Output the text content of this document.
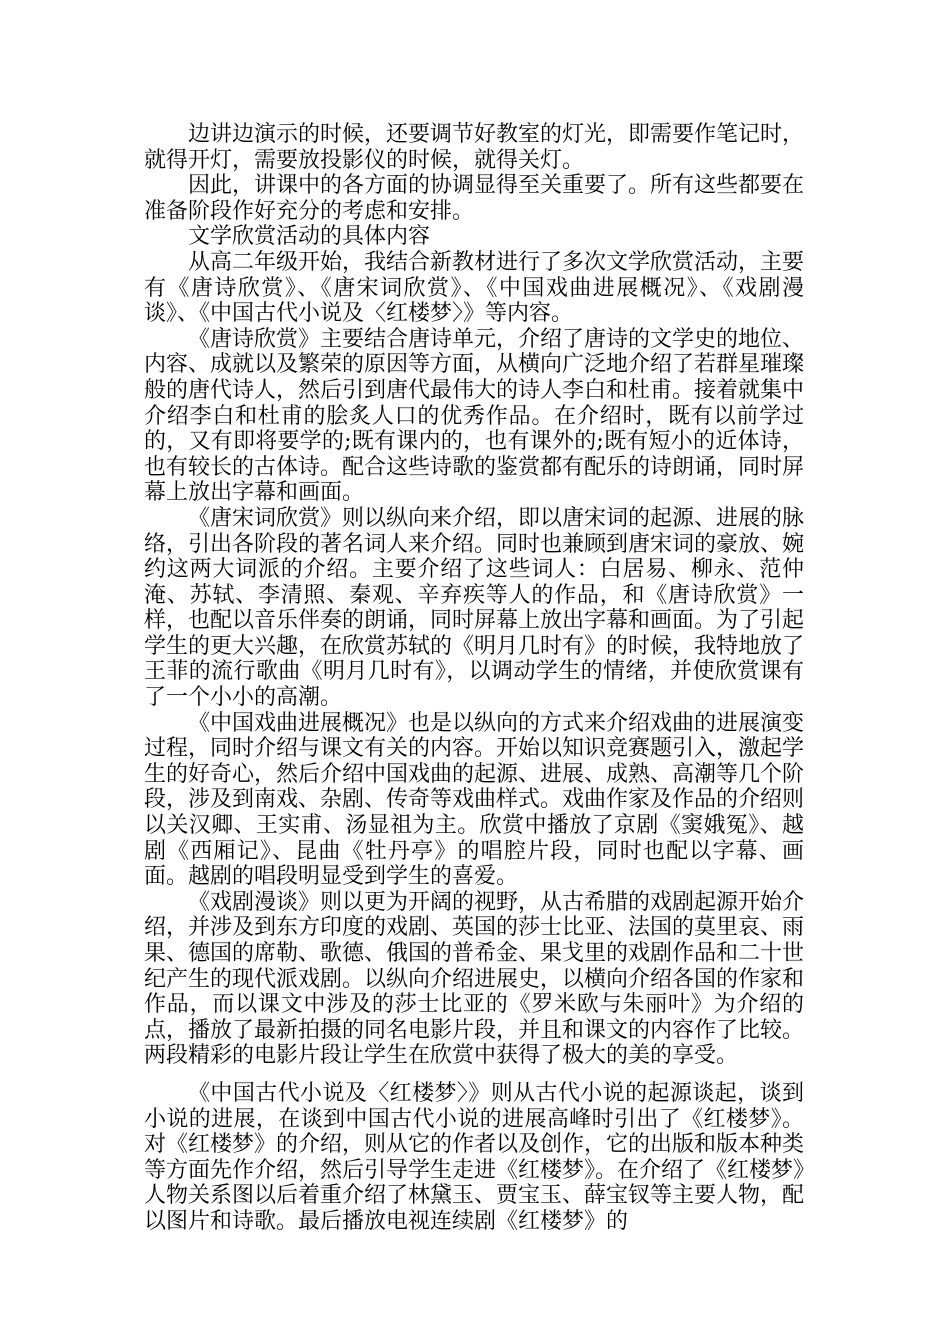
边讲边演示的时候，还要调节好教室的灯光，即需要作笔记时，就得开灯，需要放投影仪的时候，就得关灯。

因此，讲课中的各方面的协调显得至关重要了。所有这些都要在准备阶段作好充分的考虑和安排。

文学欣赏活动的具体内容

从高二年级开始，我结合新教材进行了多次文学欣赏活动，主要有《唐诗欣赏》、《唐宋词欣赏》、《中国戏曲进展概况》、《戏剧漫谈》、《中国古代小说及〈红楼梦〉》等内容。

《唐诗欣赏》主要结合唐诗单元，介绍了唐诗的文学史的地位、内容、成就以及繁荣的原因等方面，从横向广泛地介绍了若群星璀璨般的唐代诗人，然后引到唐代最伟大的诗人李白和杜甫。接着就集中介绍李白和杜甫的脍炙人口的优秀作品。在介绍时，既有以前学过的，又有即将要学的;既有课内的，也有课外的;既有短小的近体诗，也有较长的古体诗。配合这些诗歌的鉴赏都有配乐的诗朗诵，同时屏幕上放出字幕和画面。

《唐宋词欣赏》则以纵向来介绍，即以唐宋词的起源、进展的脉络，引出各阶段的著名词人来介绍。同时也兼顾到唐宋词的豪放、婉约这两大词派的介绍。主要介绍了这些词人：白居易、柳永、范仲淹、苏轼、李清照、秦观、辛弃疾等人的作品，和《唐诗欣赏》一样，也配以音乐伴奏的朗诵，同时屏幕上放出字幕和画面。为了引起学生的更大兴趣，在欣赏苏轼的《明月几时有》的时候，我特地放了王菲的流行歌曲《明月几时有》，以调动学生的情绪，并使欣赏课有了一个小小的高潮。

《中国戏曲进展概况》也是以纵向的方式来介绍戏曲的进展演变过程，同时介绍与课文有关的内容。开始以知识竞赛题引入，激起学生的好奇心，然后介绍中国戏曲的起源、进展、成熟、高潮等几个阶段，涉及到南戏、杂剧、传奇等戏曲样式。戏曲作家及作品的介绍则以关汉卿、王实甫、汤显祖为主。欣赏中播放了京剧《窦娥冤》、越剧《西厢记》、昆曲《牡丹亭》的唱腔片段，同时也配以字幕、画面。越剧的唱段明显受到学生的喜爱。

《戏剧漫谈》则以更为开阔的视野，从古希腊的戏剧起源开始介绍，并涉及到东方印度的戏剧、英国的莎士比亚、法国的莫里哀、雨果、德国的席勒、歌德、俄国的普希金、果戈里的戏剧作品和二十世纪产生的现代派戏剧。以纵向介绍进展史，以横向介绍各国的作家和作品，而以课文中涉及的莎士比亚的《罗米欧与朱丽叶》为介绍的点，播放了最新拍摄的同名电影片段，并且和课文的内容作了比较。两段精彩的电影片段让学生在欣赏中获得了极大的美的享受。

《中国古代小说及〈红楼梦〉》则从古代小说的起源谈起，谈到小说的进展，在谈到中国古代小说的进展高峰时引出了《红楼梦》。对《红楼梦》的介绍，则从它的作者以及创作，它的出版和版本种类等方面先作介绍，然后引导学生走进《红楼梦》。在介绍了《红楼梦》人物关系图以后着重介绍了林黛玉、贾宝玉、薛宝钗等主要人物，配以图片和诗歌。最后播放电视连续剧《红楼梦》的
